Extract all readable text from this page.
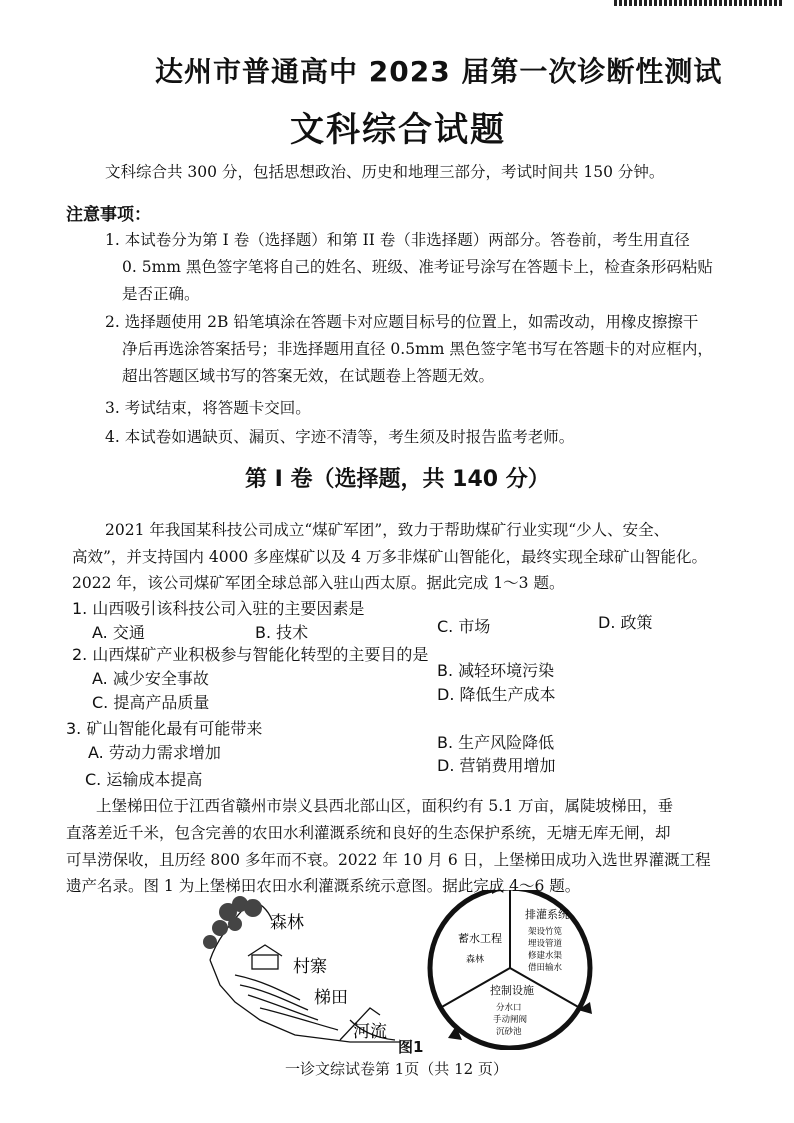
达州市普通高中 2023 届第一次诊断性测试
文科综合试题
文科综合共 300 分，包括思想政治、历史和地理三部分，考试时间共 150 分钟。
注意事项：
1. 本试卷分为第 I 卷（选择题）和第 II 卷（非选择题）两部分。答卷前，考生用直径
0. 5mm 黑色签字笔将自己的姓名、班级、准考证号涂写在答题卡上，检查条形码粘贴
是否正确。
2. 选择题使用 2B 铅笔填涂在答题卡对应题目标号的位置上，如需改动，用橡皮擦擦干
净后再选涂答案括号；非选择题用直径 0.5mm 黑色签字笔书写在答题卡的对应框内，
超出答题区域书写的答案无效，在试题卷上答题无效。
3. 考试结束，将答题卡交回。
4. 本试卷如遇缺页、漏页、字迹不清等，考生须及时报告监考老师。
第 I 卷（选择题，共 140 分）
2021 年我国某科技公司成立“煤矿军团”，致力于帮助煤矿行业实现“少人、安全、
高效”，并支持国内 4000 多座煤矿以及 4 万多非煤矿山智能化，最终实现全球矿山智能化。
2022 年，该公司煤矿军团全球总部入驻山西太原。据此完成 1～3 题。
1. 山西吸引该科技公司入驻的主要因素是
A. 交通	B. 技术	C. 市场	D. 政策
2. 山西煤矿产业积极参与智能化转型的主要目的是
A. 减少安全事故	B. 减轻环境污染
C. 提高产品质量	D. 降低生产成本
3. 矿山智能化最有可能带来
A. 劳动力需求增加
B. 生产风险降低
C. 运输成本提高
D. 营销费用增加
上堡梯田位于江西省赣州市崇义县西北部山区，面积约有 5.1 万亩，属陡坡梯田，垂
直落差近千米，包含完善的农田水利灌溉系统和良好的生态保护系统，无塘无库无闸，却
可旱涝保收，且历经 800 多年而不衰。2022 年 10 月 6 日，上堡梯田成功入选世界灌溉工程
遗产名录。图 1 为上堡梯田农田水利灌溉系统示意图。据此完成 4～6 题。
森林
村寨
梯田
河流
蓄水工程
森林
排灌系统
架设竹笕
埋设管道
修建水渠
借田输水
控制设施
分水口
手动闸阀
沉砂池
图1
一诊文综试卷第 1页（共 12 页）
